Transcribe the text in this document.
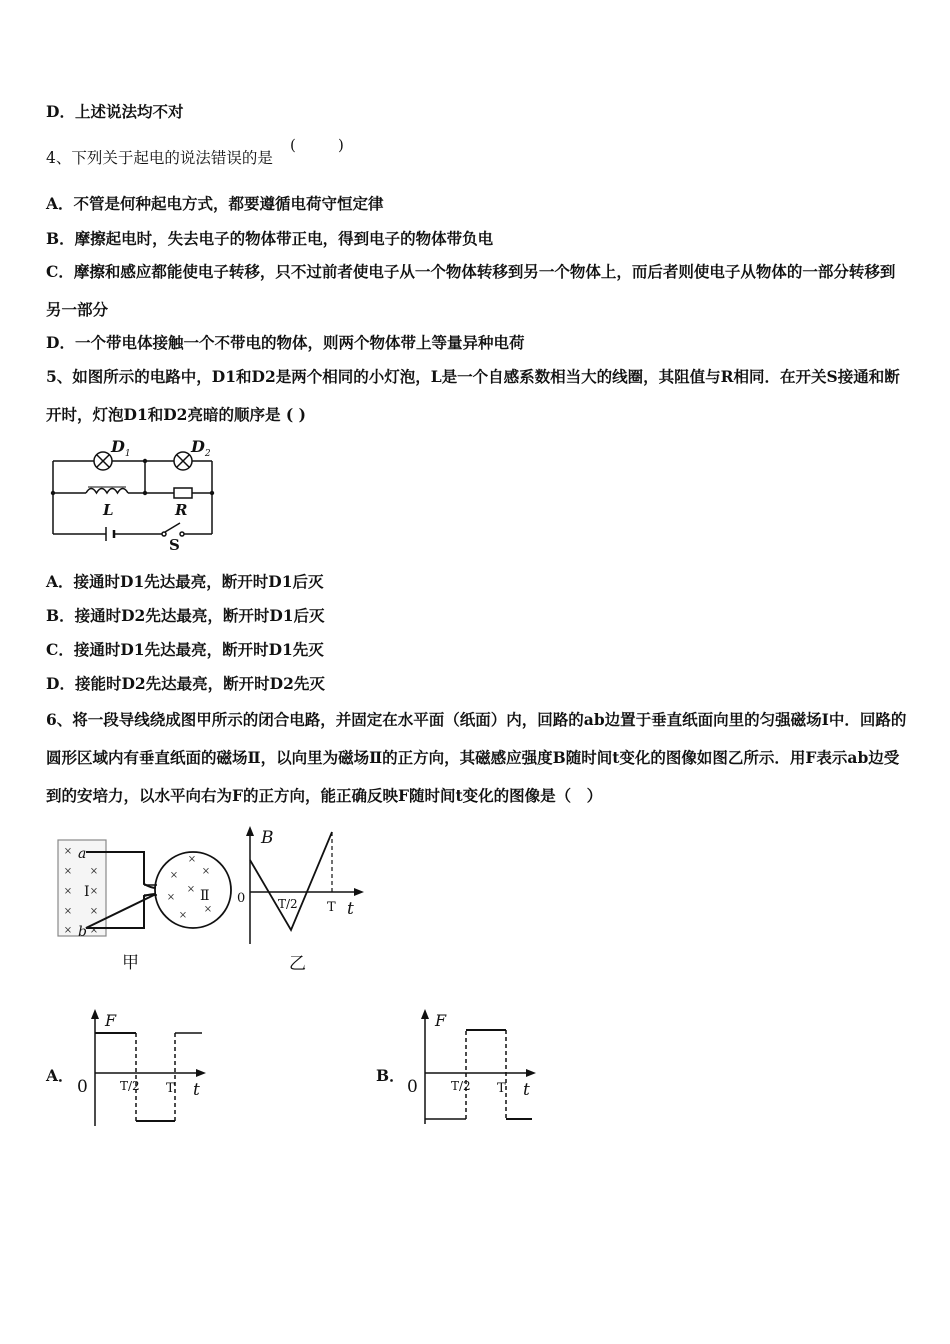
D．上述说法均不对
4、下列关于起电的说法错误的是
(	)
A．不管是何种起电方式，都要遵循电荷守恒定律
B．摩擦起电时，失去电子的物体带正电，得到电子的物体带负电
C．摩擦和感应都能使电子转移，只不过前者使电子从一个物体转移到另一个物体上，而后者则使电子从物体的一部分转移到另一部分
D．一个带电体接触一个不带电的物体，则两个物体带上等量异种电荷
5、如图所示的电路中，D1和D2是两个相同的小灯泡，L是一个自感系数相当大的线圈，其阻值与R相同．在开关S接通和断开时，灯泡D1和D2亮暗的顺序是 ( )
$D_1$	$D_2$
L	R
S
A．接通时D1先达最亮，断开时D1后灭
B．接通时D2先达最亮，断开时D1后灭
C．接通时D1先达最亮，断开时D1先灭
D．接能时D2先达最亮，断开时D2先灭
6、将一段导线绕成图甲所示的闭合电路，并固定在水平面（纸面）内，回路的ab边置于垂直纸面向里的匀强磁场Ⅰ中．回路的圆形区域内有垂直纸面的磁场Ⅱ，以向里为磁场Ⅱ的正方向，其磁感应强度B随时间t变化的图像如图乙所示．用F表示ab边受到的安培力，以水平向右为F的正方向，能正确反映F随时间t变化的图像是（　）
×
×
×
×
×
×
×
×
×
×
× ×
×
×
×
×
a
b
Ⅰ	Ⅱ
甲
B
0	T/2 T t
乙
A．
F
0	T/2 T t
B．
F
0	T/2 T t
